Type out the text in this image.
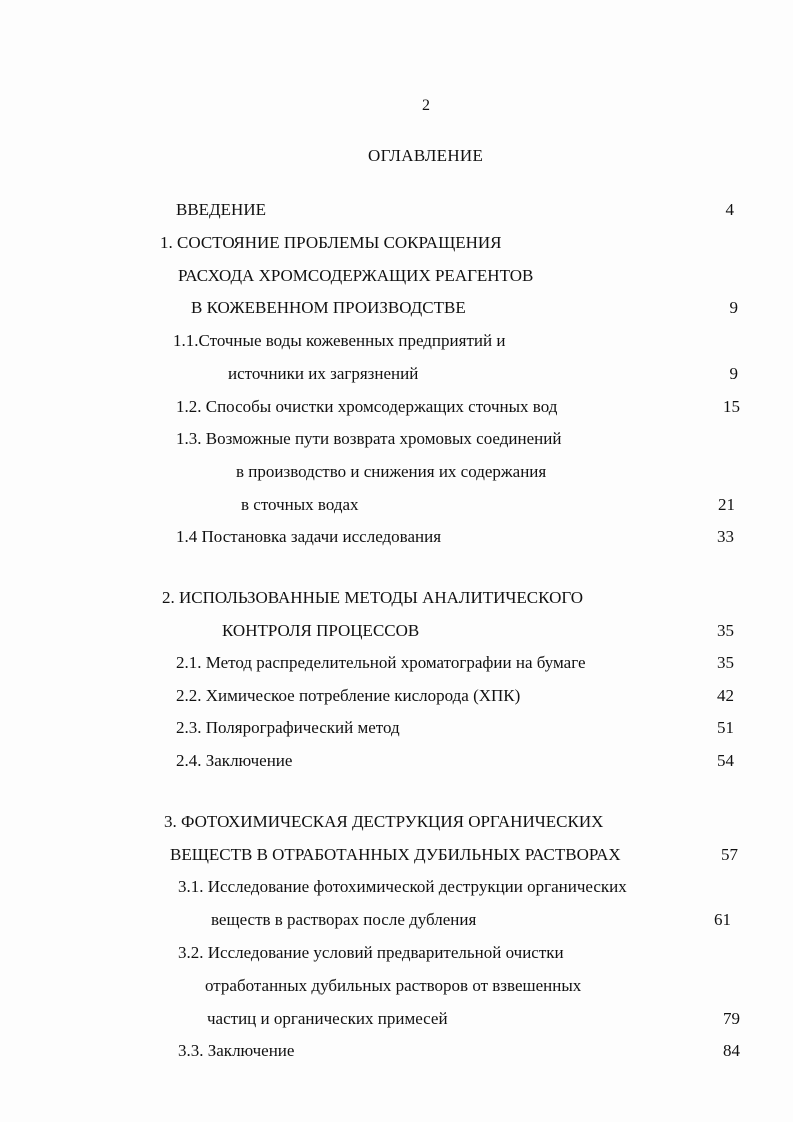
2
ОГЛАВЛЕНИЕ
ВВЕДЕНИЕ	4
1. СОСТОЯНИЕ ПРОБЛЕМЫ СОКРАЩЕНИЯ
РАСХОДА ХРОМСОДЕРЖАЩИХ РЕАГЕНТОВ
В КОЖЕВЕННОМ ПРОИЗВОДСТВЕ	9
1.1.Сточные воды кожевенных предприятий и
источники их загрязнений	9
1.2. Способы очистки хромсодержащих сточных вод	15
1.3. Возможные пути возврата хромовых соединений
в производство и снижения их содержания
в сточных водах	21
1.4 Постановка задачи исследования	33
2. ИСПОЛЬЗОВАННЫЕ МЕТОДЫ АНАЛИТИЧЕСКОГО
КОНТРОЛЯ ПРОЦЕССОВ	35
2.1. Метод распределительной хроматографии на бумаге	35
2.2. Химическое потребление кислорода (ХПК)	42
2.3. Полярографический метод	51
2.4. Заключение	54
3. ФОТОХИМИЧЕСКАЯ ДЕСТРУКЦИЯ ОРГАНИЧЕСКИХ
ВЕЩЕСТВ В ОТРАБОТАННЫХ ДУБИЛЬНЫХ РАСТВОРАХ	57
3.1. Исследование фотохимической деструкции органических
веществ в растворах после дубления	61
3.2. Исследование условий предварительной очистки
отработанных дубильных растворов от взвешенных
частиц и органических примесей	79
3.3. Заключение	84
